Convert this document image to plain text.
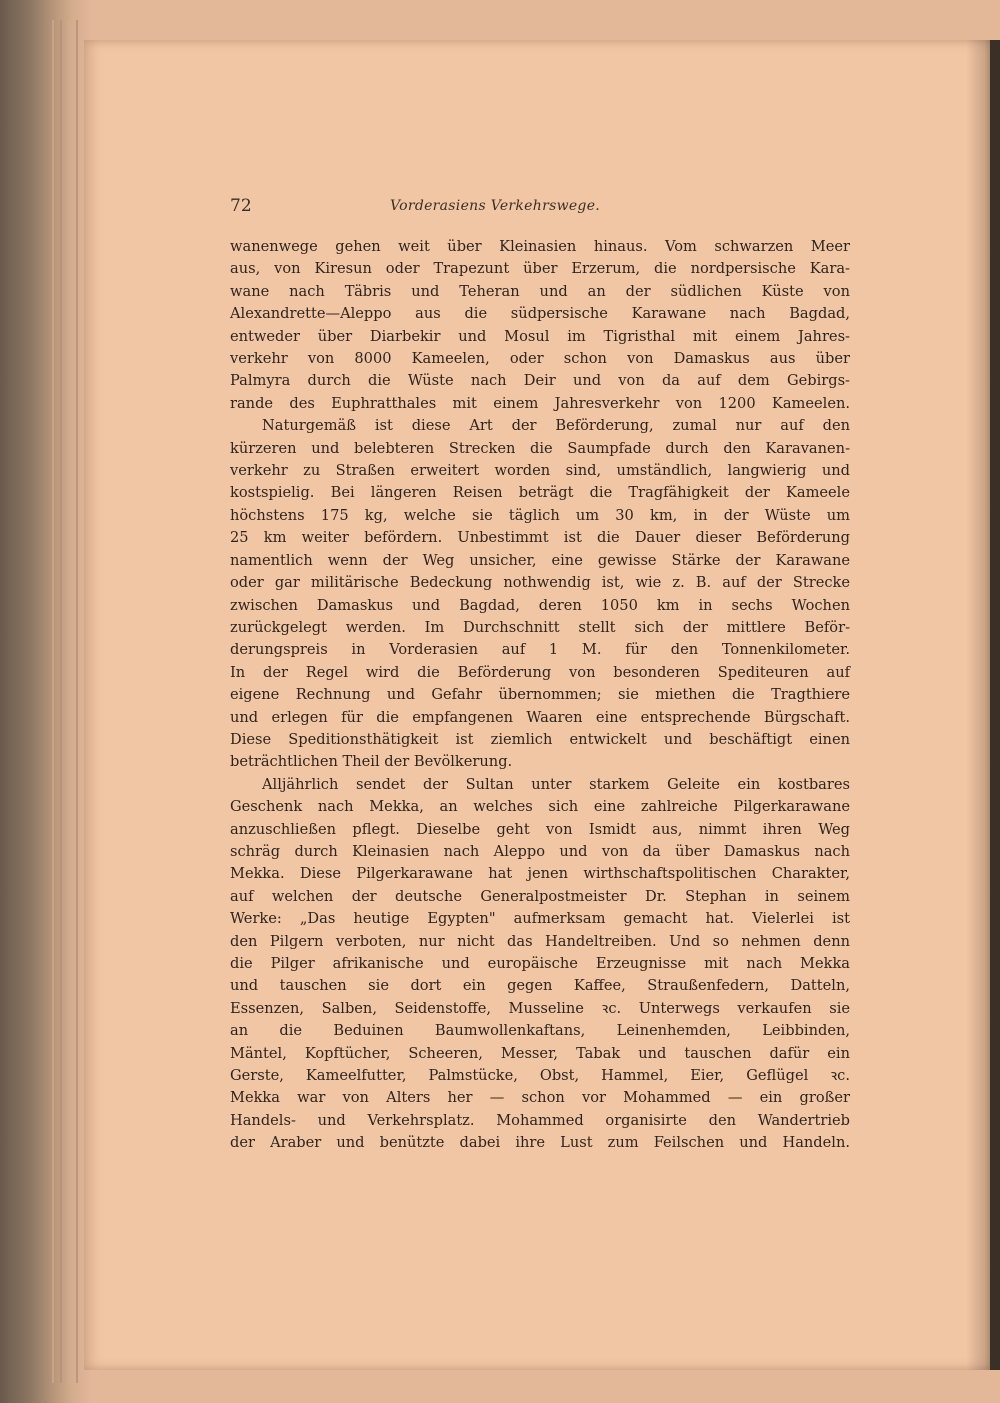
72	Vorderasiens Verkehrswege.
wanenwege gehen weit über Kleinasien hinaus. Vom schwarzen Meer
aus, von Kiresun oder Trapezunt über Erzerum, die nordpersische Kara-
wane nach Täbris und Teheran und an der südlichen Küste von
Alexandrette—Aleppo aus die südpersische Karawane nach Bagdad,
entweder über Diarbekir und Mosul im Tigristhal mit einem Jahres-
verkehr von 8000 Kameelen, oder schon von Damaskus aus über
Palmyra durch die Wüste nach Deir und von da auf dem Gebirgs-
rande des Euphratthales mit einem Jahresverkehr von 1200 Kameelen.
Naturgemäß ist diese Art der Beförderung, zumal nur auf den
kürzeren und belebteren Strecken die Saumpfade durch den Karavanen-
verkehr zu Straßen erweitert worden sind, umständlich, langwierig und
kostspielig. Bei längeren Reisen beträgt die Tragfähigkeit der Kameele
höchstens 175 kg, welche sie täglich um 30 km, in der Wüste um
25 km weiter befördern. Unbestimmt ist die Dauer dieser Beförderung
namentlich wenn der Weg unsicher, eine gewisse Stärke der Karawane
oder gar militärische Bedeckung nothwendig ist, wie z. B. auf der Strecke
zwischen Damaskus und Bagdad, deren 1050 km in sechs Wochen
zurückgelegt werden. Im Durchschnitt stellt sich der mittlere Beför-
derungspreis in Vorderasien auf 1 M. für den Tonnenkilometer.
In der Regel wird die Beförderung von besonderen Spediteuren auf
eigene Rechnung und Gefahr übernommen; sie miethen die Tragthiere
und erlegen für die empfangenen Waaren eine entsprechende Bürgschaft.
Diese Speditionsthätigkeit ist ziemlich entwickelt und beschäftigt einen
beträchtlichen Theil der Bevölkerung.
Alljährlich sendet der Sultan unter starkem Geleite ein kostbares
Geschenk nach Mekka, an welches sich eine zahlreiche Pilgerkarawane
anzuschließen pflegt. Dieselbe geht von Ismidt aus, nimmt ihren Weg
schräg durch Kleinasien nach Aleppo und von da über Damaskus nach
Mekka. Diese Pilgerkarawane hat jenen wirthschaftspolitischen Charakter,
auf welchen der deutsche Generalpostmeister Dr. Stephan in seinem
Werke: „Das heutige Egypten" aufmerksam gemacht hat. Vielerlei ist
den Pilgern verboten, nur nicht das Handeltreiben. Und so nehmen denn
die Pilger afrikanische und europäische Erzeugnisse mit nach Mekka
und tauschen sie dort ein gegen Kaffee, Straußenfedern, Datteln,
Essenzen, Salben, Seidenstoffe, Musseline ꝛc. Unterwegs verkaufen sie
an die Beduinen Baumwollenkaftans, Leinenhemden, Leibbinden,
Mäntel, Kopftücher, Scheeren, Messer, Tabak und tauschen dafür ein
Gerste, Kameelfutter, Palmstücke, Obst, Hammel, Eier, Geflügel ꝛc.
Mekka war von Alters her — schon vor Mohammed — ein großer
Handels- und Verkehrsplatz. Mohammed organisirte den Wandertrieb
der Araber und benützte dabei ihre Lust zum Feilschen und Handeln.
